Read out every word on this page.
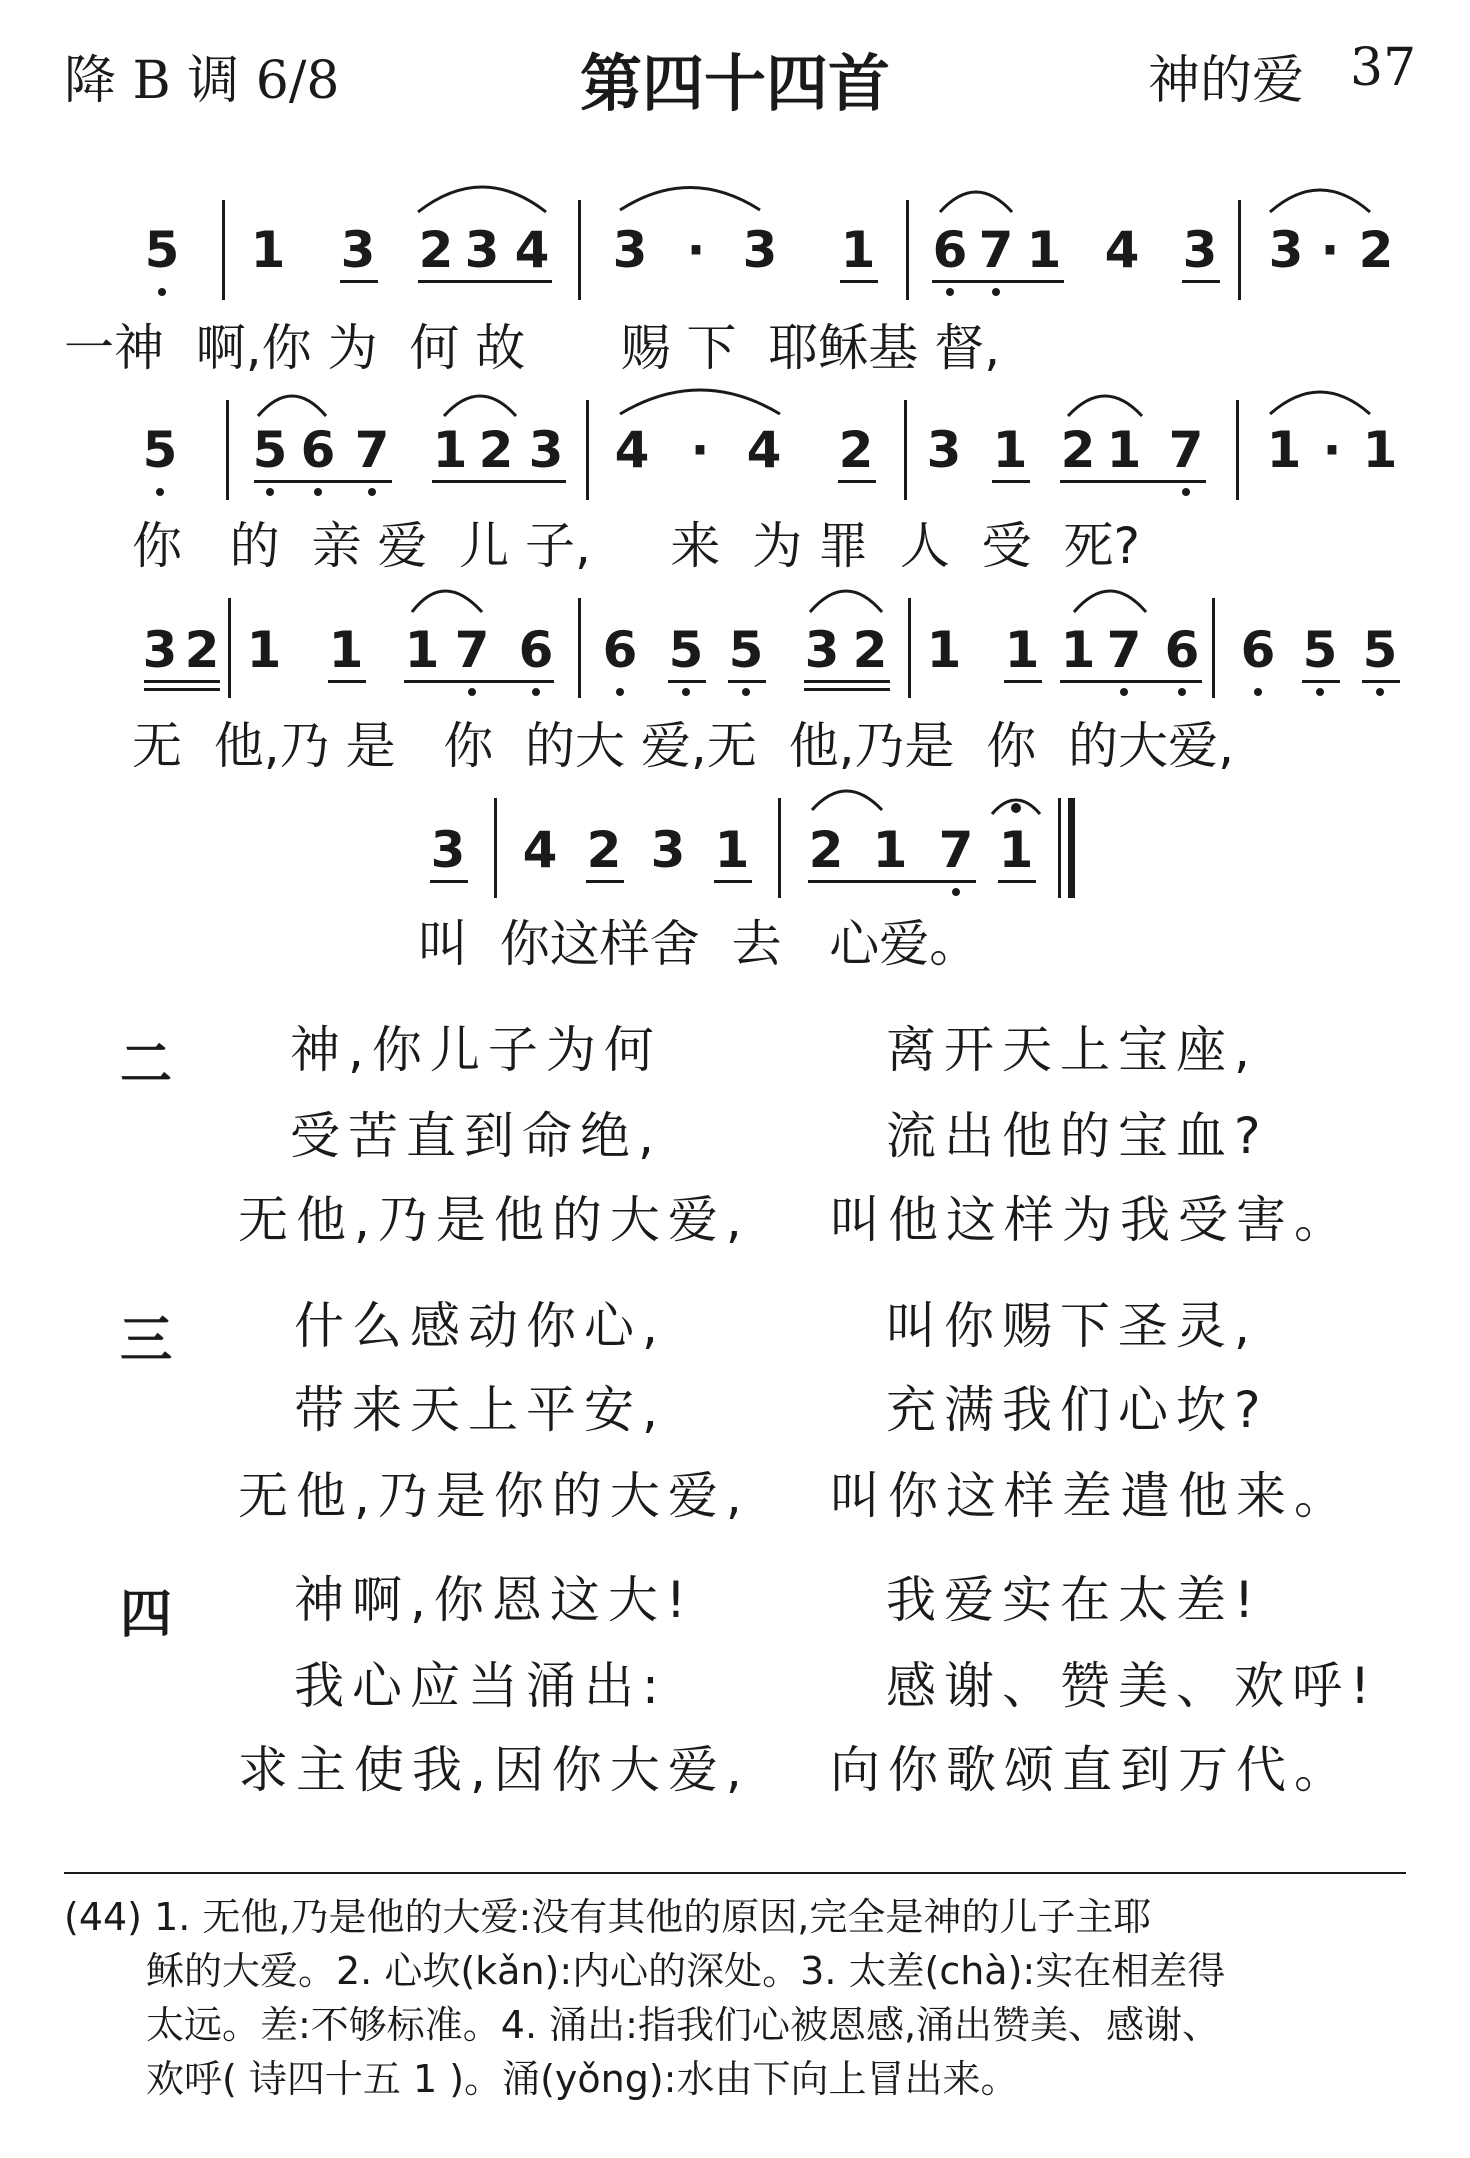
降 B 调 6/8	第四十四首	神的爱 37
5 1 3 2 3 4 3 · 3 1 6 7 1 4 3 3 · 2
一神  啊,你 为  何 故      赐 下  耶稣基 督,
5 5 6 7 1 2 3 4 · 4 2 3 1 2 1 7 1 · 1
你   的  亲 爱  儿 子,     来  为 罪  人  受  死?
3 2 1 1 1 7 6 6 5 5 3 2 1 1 1 7 6 6 5 5
无  他,乃 是   你  的大 爱,无  他,乃是  你  的大爱,
3 4 2 3 1 2 1 7 1
叫  你这样舍  去   心爱。
二 神,你儿子为何	离开天上宝座,
受苦直到命绝,	流出他的宝血?
无他,乃是他的大爱, 叫他这样为我受害。
三 什么感动你心,	叫你赐下圣灵,
带来天上平安,	充满我们心坎?
无他,乃是你的大爱, 叫你这样差遣他来。
四 神啊,你恩这大!	我爱实在太差!
我心应当涌出:	感谢、赞美、欢呼!
求主使我,因你大爱, 向你歌颂直到万代。

(44) 1. 无他,乃是他的大爱:没有其他的原因,完全是神的儿子主耶

稣的大爱。2. 心坎(kǎn):内心的深处。3. 太差(chà):实在相差得

太远。差:不够标准。4. 涌出:指我们心被恩感,涌出赞美、感谢、

欢呼( 诗四十五 1 )。涌(yǒng):水由下向上冒出来。
